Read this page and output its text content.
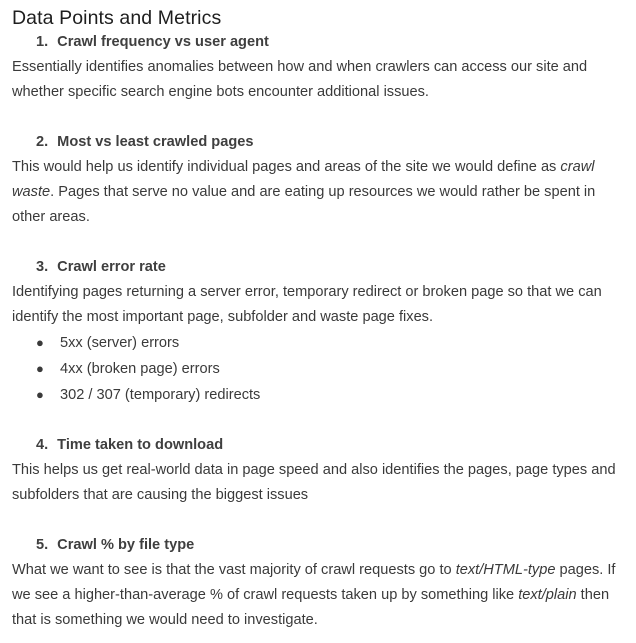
Data Points and Metrics
1. Crawl frequency vs user agent

Essentially identifies anomalies between how and when crawlers can access our site and whether specific search engine bots encounter additional issues.

2. Most vs least crawled pages

This would help us identify individual pages and areas of the site we would define as crawl waste. Pages that serve no value and are eating up resources we would rather be spent in other areas.

3. Crawl error rate

Identifying pages returning a server error, temporary redirect or broken page so that we can identify the most important page, subfolder and waste page fixes.

● 5xx (server) errors
● 4xx (broken page) errors
● 302 / 307 (temporary) redirects
4. Time taken to download

This helps us get real-world data in page speed and also identifies the pages, page types and subfolders that are causing the biggest issues

5. Crawl % by file type

What we want to see is that the vast majority of crawl requests go to text/HTML-type pages. If we see a higher-than-average % of crawl requests taken up by something like text/plain then that is something we would need to investigate.
